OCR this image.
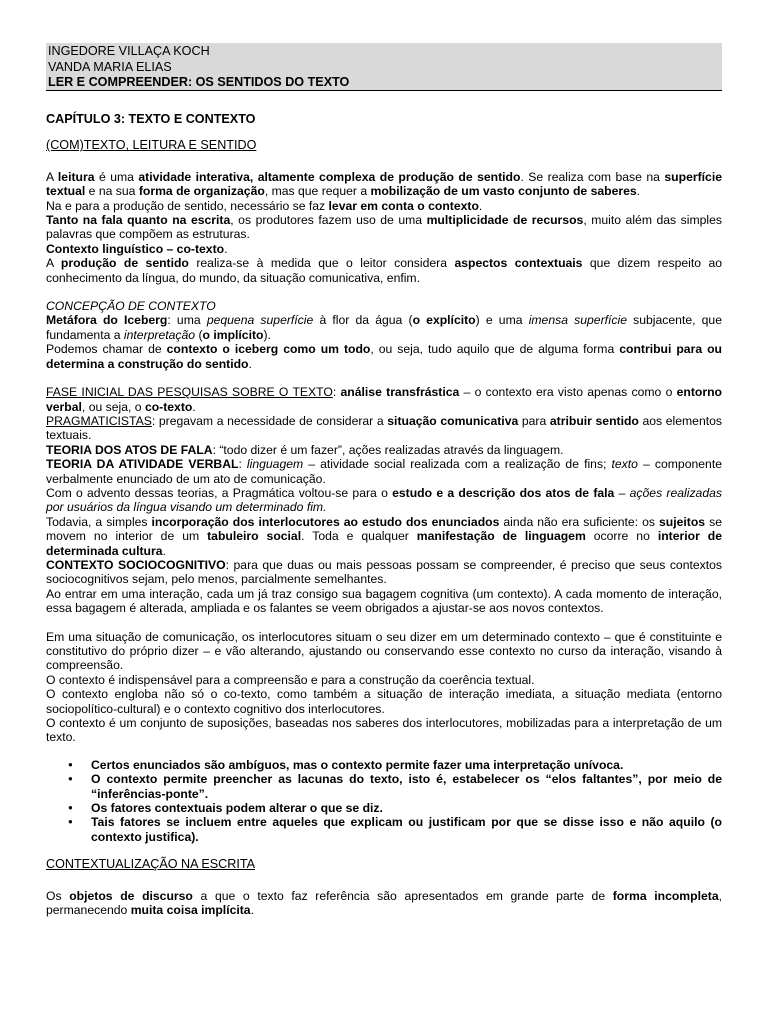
INGEDORE VILLAÇA KOCH
VANDA MARIA ELIAS
LER E COMPREENDER: OS SENTIDOS DO TEXTO

CAPÍTULO 3: TEXTO E CONTEXTO

(COM)TEXTO, LEITURA E SENTIDO

A leitura é uma atividade interativa, altamente complexa de produção de sentido. Se realiza com base na superfície textual e na sua forma de organização, mas que requer a mobilização de um vasto conjunto de saberes.

Na e para a produção de sentido, necessário se faz levar em conta o contexto.

Tanto na fala quanto na escrita, os produtores fazem uso de uma multiplicidade de recursos, muito além das simples palavras que compõem as estruturas.

Contexto linguístico – co-texto.

A produção de sentido realiza-se à medida que o leitor considera aspectos contextuais que dizem respeito ao conhecimento da língua, do mundo, da situação comunicativa, enfim.

CONCEPÇÃO DE CONTEXTO

Metáfora do Iceberg: uma pequena superfície à flor da água (o explícito) e uma imensa superfície subjacente, que fundamenta a interpretação (o implícito).

Podemos chamar de contexto o iceberg como um todo, ou seja, tudo aquilo que de alguma forma contribui para ou determina a construção do sentido.

FASE INICIAL DAS PESQUISAS SOBRE O TEXTO: análise transfrástica – o contexto era visto apenas como o entorno verbal, ou seja, o co-texto.

PRAGMATICISTAS: pregavam a necessidade de considerar a situação comunicativa para atribuir sentido aos elementos textuais.

TEORIA DOS ATOS DE FALA: “todo dizer é um fazer”, ações realizadas através da linguagem.

TEORIA DA ATIVIDADE VERBAL: linguagem – atividade social realizada com a realização de fins; texto – componente verbalmente enunciado de um ato de comunicação.

Com o advento dessas teorias, a Pragmática voltou-se para o estudo e a descrição dos atos de fala – ações realizadas por usuários da língua visando um determinado fim.

Todavia, a simples incorporação dos interlocutores ao estudo dos enunciados ainda não era suficiente: os sujeitos se movem no interior de um tabuleiro social. Toda e qualquer manifestação de linguagem ocorre no interior de determinada cultura.

CONTEXTO SOCIOCOGNITIVO: para que duas ou mais pessoas possam se compreender, é preciso que seus contextos sociocognitivos sejam, pelo menos, parcialmente semelhantes.

Ao entrar em uma interação, cada um já traz consigo sua bagagem cognitiva (um contexto). A cada momento de interação, essa bagagem é alterada, ampliada e os falantes se veem obrigados a ajustar-se aos novos contextos.

Em uma situação de comunicação, os interlocutores situam o seu dizer em um determinado contexto – que é constituinte e constitutivo do próprio dizer – e vão alterando, ajustando ou conservando esse contexto no curso da interação, visando à compreensão.

O contexto é indispensável para a compreensão e para a construção da coerência textual.

O contexto engloba não só o co-texto, como também a situação de interação imediata, a situação mediata (entorno sociopolítico-cultural) e o contexto cognitivo dos interlocutores.

O contexto é um conjunto de suposições, baseadas nos saberes dos interlocutores, mobilizadas para a interpretação de um texto.

● Certos enunciados são ambíguos, mas o contexto permite fazer uma interpretação unívoca.
● O contexto permite preencher as lacunas do texto, isto é, estabelecer os “elos faltantes”, por meio de “inferências-ponte”.
● Os fatores contextuais podem alterar o que se diz.
● Tais fatores se incluem entre aqueles que explicam ou justificam por que se disse isso e não aquilo (o contexto justifica).

CONTEXTUALIZAÇÃO NA ESCRITA

Os objetos de discurso a que o texto faz referência são apresentados em grande parte de forma incompleta, permanecendo muita coisa implícita.
